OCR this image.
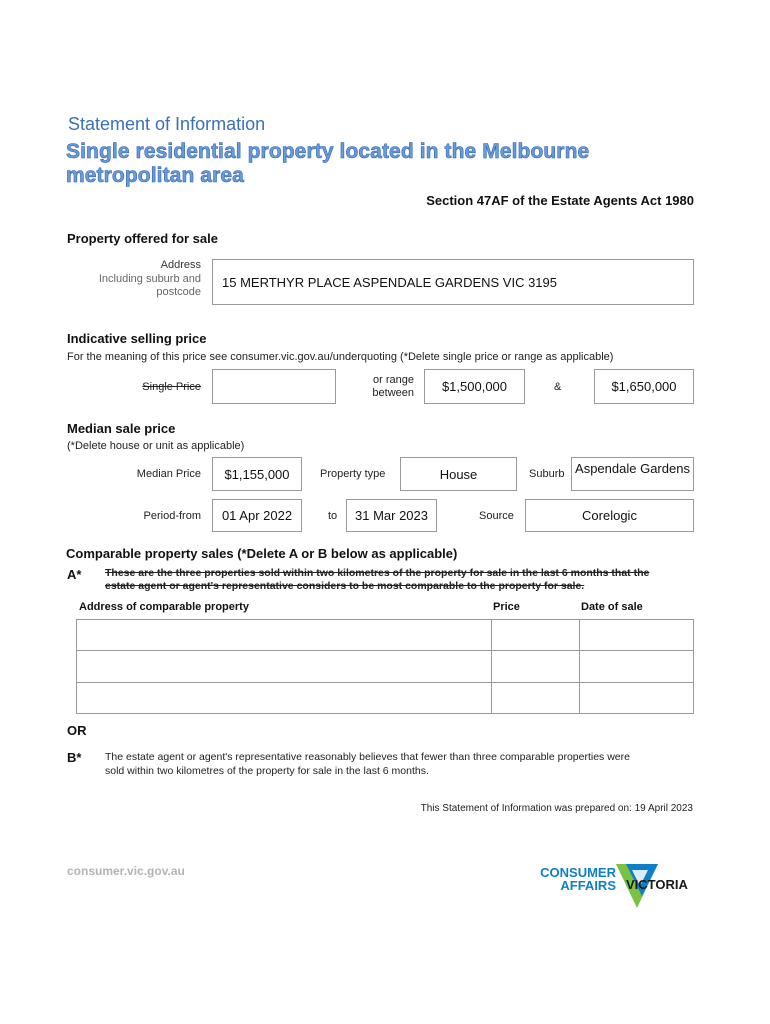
Statement of Information
Single residential property located in the Melbourne
metropolitan area
Section 47AF of the Estate Agents Act 1980
Property offered for sale
Address
Including suburb and
postcode
15 MERTHYR PLACE ASPENDALE GARDENS VIC 3195
Indicative selling price
For the meaning of this price see consumer.vic.gov.au/underquoting (*Delete single price or range as applicable)
Single Price
or range
between $1,500,000	&	$1,650,000
Median sale price
(*Delete house or unit as applicable)
Median Price $1,155,000	Property type	House	Suburb Aspendale Gardens
Period-from 01 Apr 2022	to 31 Mar 2023	Source	Corelogic
Comparable property sales (*Delete A or B below as applicable)
A* These are the three properties sold within two kilometres of the property for sale in the last 6 months that the
estate agent or agent's representative considers to be most comparable to the property for sale.
Address of comparable property	Price	Date of sale
OR
B* The estate agent or agent's representative reasonably believes that fewer than three comparable properties were
sold within two kilometres of the property for sale in the last 6 months.
This Statement of Information was prepared on: 19 April 2023
consumer.vic.gov.au	CONSUMER
AFFAIRS VICTORIA
